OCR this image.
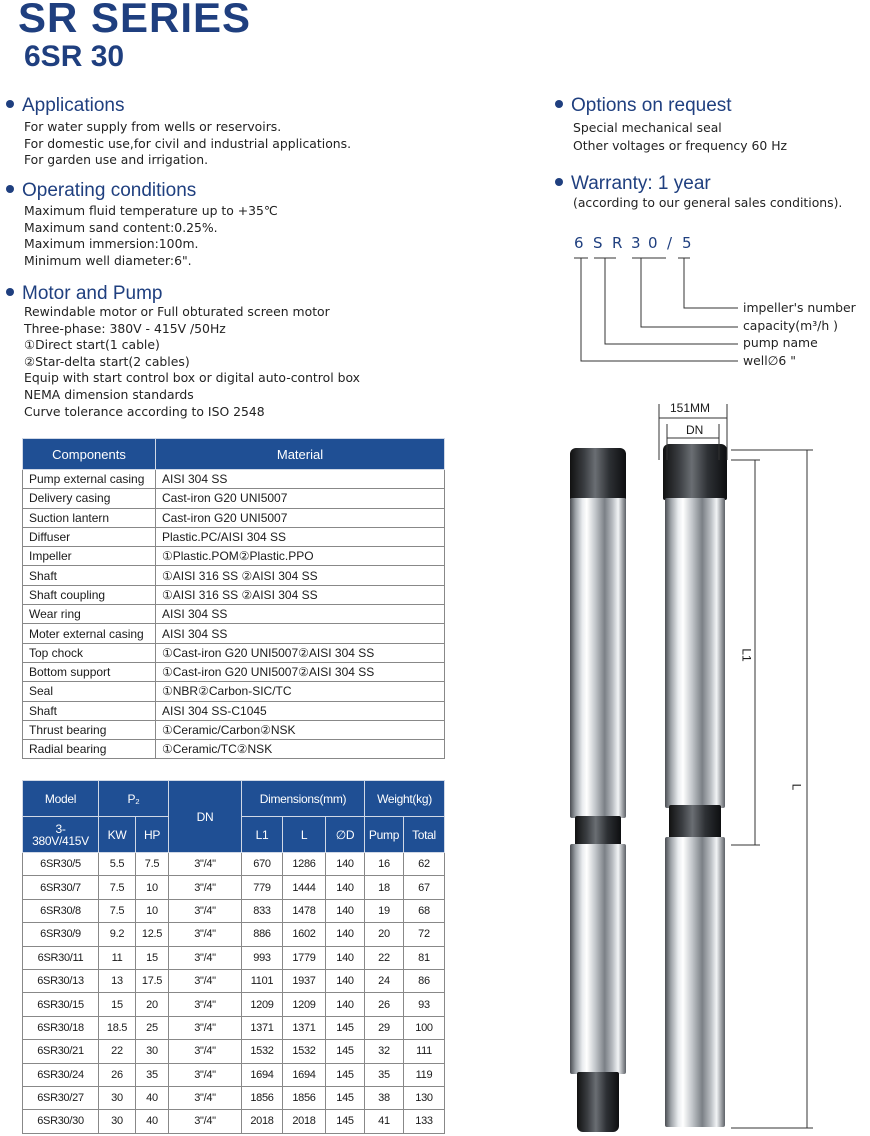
SR SERIES
6SR 30
Applications
For water supply from wells or reservoirs.
For domestic use,for civil and industrial applications.
For garden use and irrigation.
Operating conditions
Maximum fluid temperature up to +35℃
Maximum sand content:0.25%.
Maximum immersion:100m.
Minimum well diameter:6".
Motor and Pump
Rewindable motor or Full obturated screen motor
Three-phase: 380V - 415V /50Hz
①Direct start(1 cable)
②Star-delta start(2 cables)
Equip with start control box or digital auto-control box
NEMA dimension standards
Curve tolerance according to ISO 2548
Options on request
Special mechanical seal
Other voltages or frequency 60 Hz
Warranty: 1 year
(according to our general sales conditions).
6 S R 3 0 / 5
impeller's number
capacity(m³/h )
pump name
well∅6 "
Components	Material
Pump external casing	AISI 304 SS
Delivery casing	Cast-iron G20 UNI5007
Suction lantern	Cast-iron G20 UNI5007
Diffuser	Plastic.PC/AISI 304 SS
Impeller	①Plastic.POM②Plastic.PPO
Shaft	①AISI 316 SS ②AISI 304 SS
Shaft coupling	①AISI 316 SS ②AISI 304 SS
Wear ring	AISI 304 SS
Moter external casing	AISI 304 SS
Top chock	①Cast-iron G20 UNI5007②AISI 304 SS
Bottom support	①Cast-iron G20 UNI5007②AISI 304 SS
Seal	①NBR②Carbon-SIC/TC
Shaft	AISI 304 SS-C1045
Thrust bearing	①Ceramic/Carbon②NSK
Radial bearing	①Ceramic/TC②NSK
Model	P₂		DN	Dimensions(mm)			Weight(kg)	
3-
380V/415V	KW	HP		L1	L	∅D	Pump	Total
6SR30/5	5.5	7.5	3"/4"	670	1286	140	16	62
6SR30/7	7.5	10	3"/4"	779	1444	140	18	67
6SR30/8	7.5	10	3"/4"	833	1478	140	19	68
6SR30/9	9.2	12.5	3"/4"	886	1602	140	20	72
6SR30/11	11	15	3"/4"	993	1779	140	22	81
6SR30/13	13	17.5	3"/4"	1101	1937	140	24	86
6SR30/15	15	20	3"/4"	1209	1209	140	26	93
6SR30/18	18.5	25	3"/4"	1371	1371	145	29	100
6SR30/21	22	30	3"/4"	1532	1532	145	32	111
6SR30/24	26	35	3"/4"	1694	1694	145	35	119
6SR30/27	30	40	3"/4"	1856	1856	145	38	130
6SR30/30	30	40	3"/4"	2018	2018	145	41	133
151MM
DN
L1
L
